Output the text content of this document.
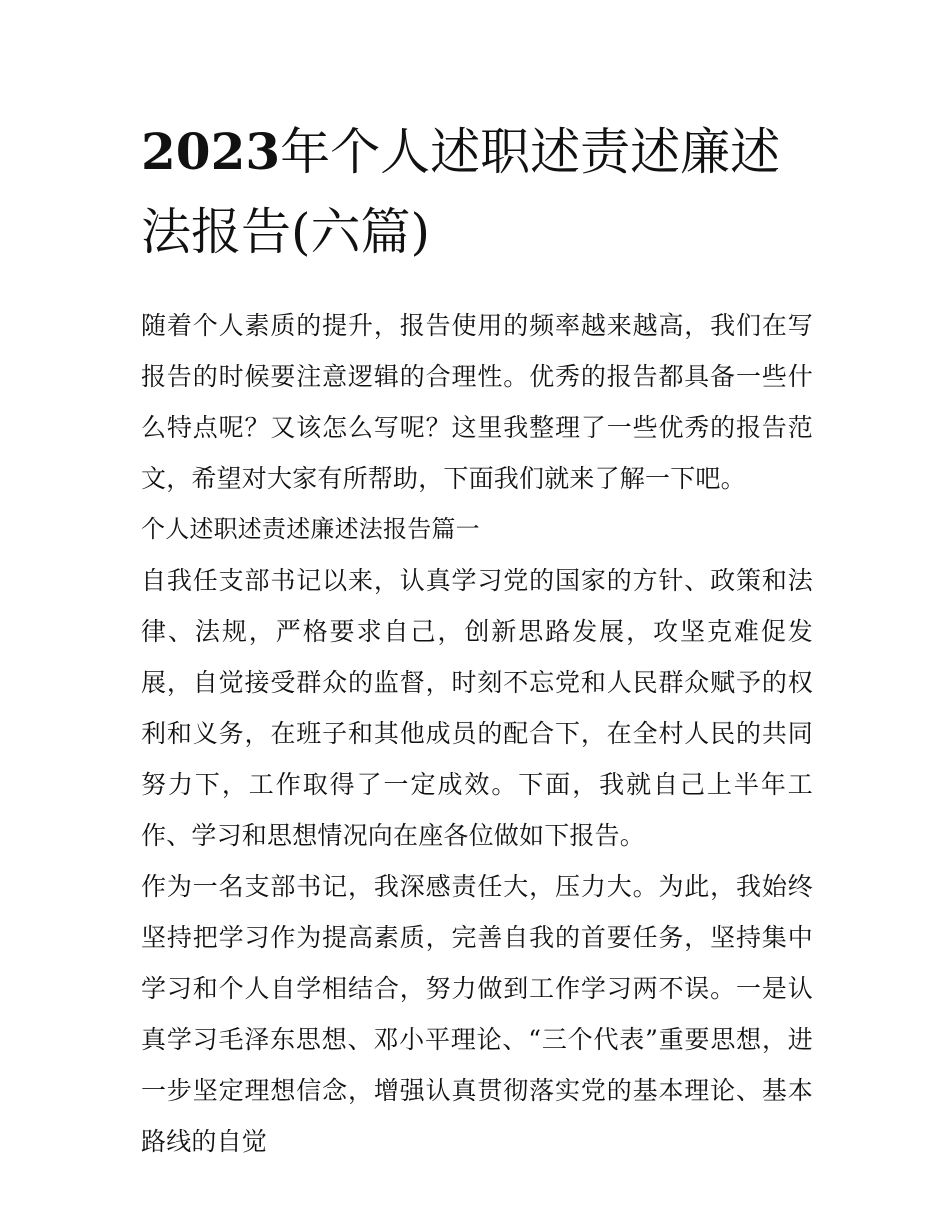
2023年个人述职述责述廉述法报告(六篇)

随着个人素质的提升，报告使用的频率越来越高，我们在写报告的时候要注意逻辑的合理性。优秀的报告都具备一些什么特点呢？又该怎么写呢？这里我整理了一些优秀的报告范文，希望对大家有所帮助，下面我们就来了解一下吧。

个人述职述责述廉述法报告篇一

自我任支部书记以来，认真学习党的国家的方针、政策和法律、法规，严格要求自己，创新思路发展，攻坚克难促发展，自觉接受群众的监督，时刻不忘党和人民群众赋予的权利和义务，在班子和其他成员的配合下，在全村人民的共同努力下，工作取得了一定成效。下面，我就自己上半年工作、学习和思想情况向在座各位做如下报告。

作为一名支部书记，我深感责任大，压力大。为此，我始终坚持把学习作为提高素质，完善自我的首要任务，坚持集中学习和个人自学相结合，努力做到工作学习两不误。一是认真学习毛泽东思想、邓小平理论、“三个代表”重要思想，进一步坚定理想信念，增强认真贯彻落实党的基本理论、基本路线的自觉
